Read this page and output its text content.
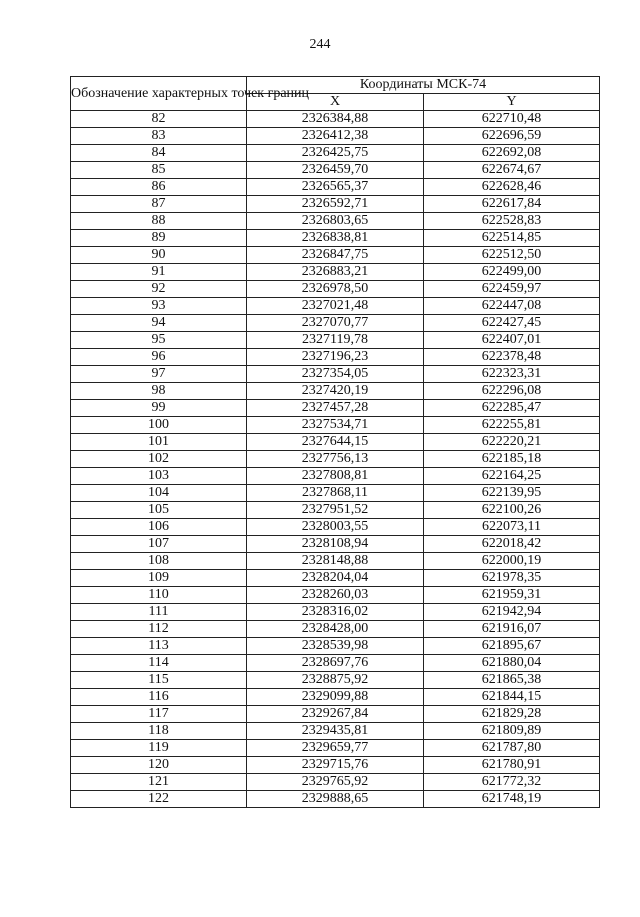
244
Обозначение характерных точек границ	Координаты МСК-74	
	X	Y
82	2326384,88	622710,48
83	2326412,38	622696,59
84	2326425,75	622692,08
85	2326459,70	622674,67
86	2326565,37	622628,46
87	2326592,71	622617,84
88	2326803,65	622528,83
89	2326838,81	622514,85
90	2326847,75	622512,50
91	2326883,21	622499,00
92	2326978,50	622459,97
93	2327021,48	622447,08
94	2327070,77	622427,45
95	2327119,78	622407,01
96	2327196,23	622378,48
97	2327354,05	622323,31
98	2327420,19	622296,08
99	2327457,28	622285,47
100	2327534,71	622255,81
101	2327644,15	622220,21
102	2327756,13	622185,18
103	2327808,81	622164,25
104	2327868,11	622139,95
105	2327951,52	622100,26
106	2328003,55	622073,11
107	2328108,94	622018,42
108	2328148,88	622000,19
109	2328204,04	621978,35
110	2328260,03	621959,31
111	2328316,02	621942,94
112	2328428,00	621916,07
113	2328539,98	621895,67
114	2328697,76	621880,04
115	2328875,92	621865,38
116	2329099,88	621844,15
117	2329267,84	621829,28
118	2329435,81	621809,89
119	2329659,77	621787,80
120	2329715,76	621780,91
121	2329765,92	621772,32
122	2329888,65	621748,19
